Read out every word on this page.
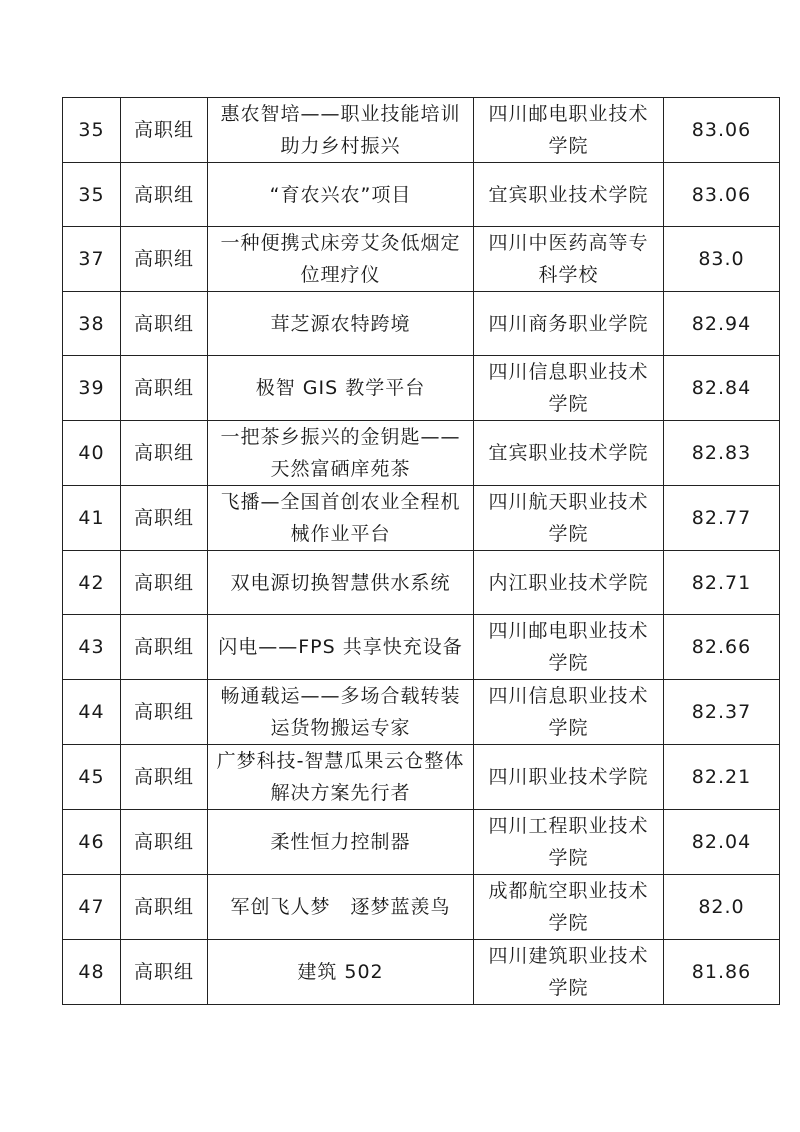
35	高职组	惠农智培——职业技能培训助力乡村振兴	四川邮电职业技术学院	83.06
35	高职组	“育农兴农”项目	宜宾职业技术学院	83.06
37	高职组	一种便携式床旁艾灸低烟定位理疗仪	四川中医药高等专科学校	83.0
38	高职组	茸芝源农特跨境	四川商务职业学院	82.94
39	高职组	极智 GIS 教学平台	四川信息职业技术学院	82.84
40	高职组	一把茶乡振兴的金钥匙——天然富硒庠苑茶	宜宾职业技术学院	82.83
41	高职组	飞播—全国首创农业全程机械作业平台	四川航天职业技术学院	82.77
42	高职组	双电源切换智慧供水系统	内江职业技术学院	82.71
43	高职组	闪电——FPS 共享快充设备	四川邮电职业技术学院	82.66
44	高职组	畅通载运——多场合载转装运货物搬运专家	四川信息职业技术学院	82.37
45	高职组	广梦科技-智慧瓜果云仓整体解决方案先行者	四川职业技术学院	82.21
46	高职组	柔性恒力控制器	四川工程职业技术学院	82.04
47	高职组	军创飞人梦　逐梦蓝羡鸟	成都航空职业技术学院	82.0
48	高职组	建筑 502	四川建筑职业技术学院	81.86
